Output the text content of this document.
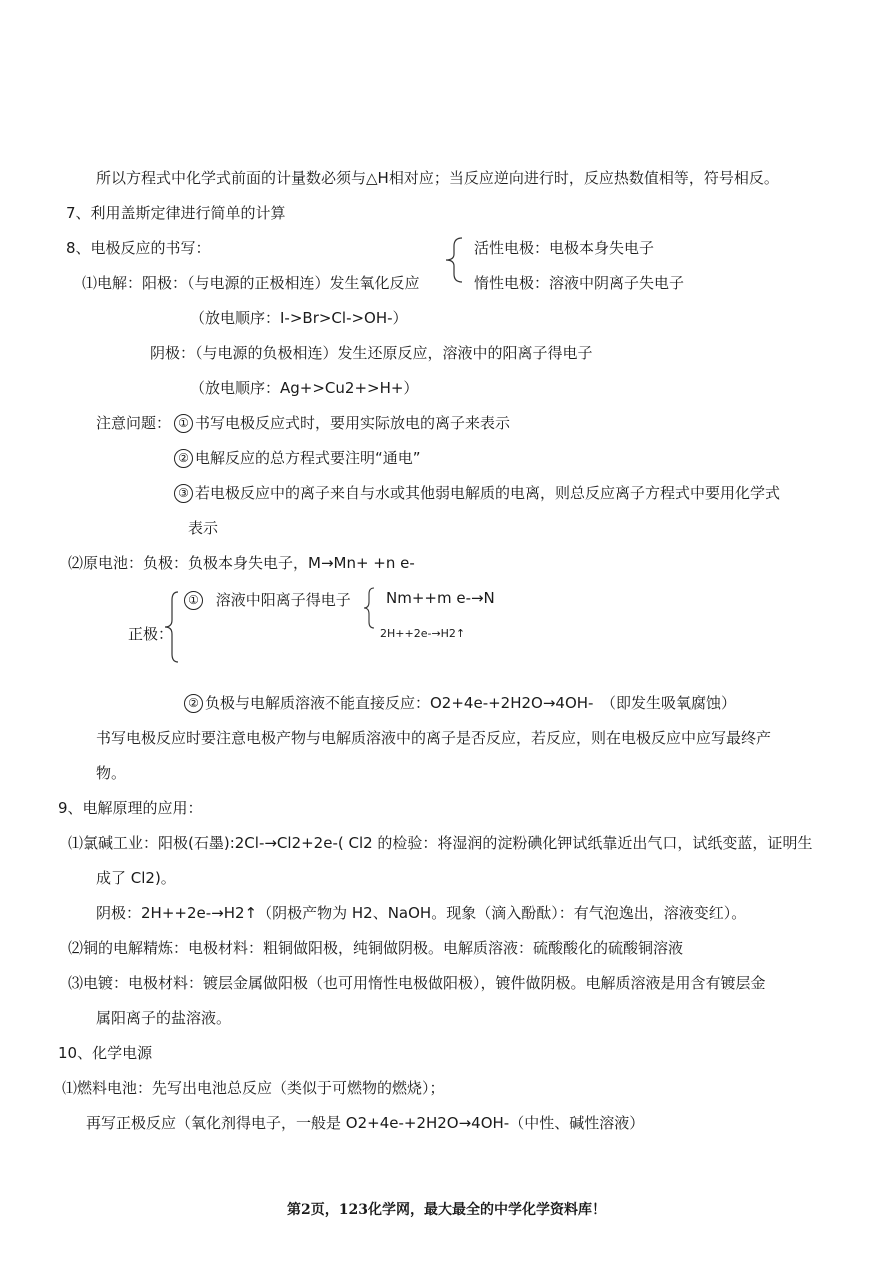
所以方程式中化学式前面的计量数必须与△H相对应；当反应逆向进行时，反应热数值相等，符号相反。
7、利用盖斯定律进行简单的计算
8、电极反应的书写：	活性电极：电极本身失电子
惰性电极：溶液中阴离子失电子
⑴电解：阳极：（与电源的正极相连）发生氧化反应
（放电顺序：I->Br>Cl->OH-）
阴极：（与电源的负极相连）发生还原反应，溶液中的阳离子得电子
（放电顺序：Ag+>Cu2+>H+）
注意问题： ① 书写电极反应式时，要用实际放电的离子来表示
② 电解反应的总方程式要注明“通电”
③ 若电极反应中的离子来自与水或其他弱电解质的电离，则总反应离子方程式中要用化学式
表示
⑵原电池：负极：负极本身失电子，M→Mn+ +n e-
正极：
① 溶液中阳离子得电子 Nm++m e-→N
2H++2e-→H2↑
② 负极与电解质溶液不能直接反应：O2+4e-+2H2O→4OH-　（即发生吸氧腐蚀）
书写电极反应时要注意电极产物与电解质溶液中的离子是否反应，若反应，则在电极反应中应写最终产
物。
9、电解原理的应用：
⑴氯碱工业：阳极(石墨):2Cl-→Cl2+2e-( Cl2 的检验：将湿润的淀粉碘化钾试纸靠近出气口，试纸变蓝，证明生
成了 Cl2)。
阴极：2H++2e-→H2↑（阴极产物为 H2、NaOH。现象（滴入酚酞）：有气泡逸出，溶液变红）。
⑵铜的电解精炼：电极材料：粗铜做阳极，纯铜做阴极。电解质溶液：硫酸酸化的硫酸铜溶液
⑶电镀：电极材料：镀层金属做阳极（也可用惰性电极做阳极），镀件做阴极。电解质溶液是用含有镀层金
属阳离子的盐溶液。
10、化学电源
⑴燃料电池：先写出电池总反应（类似于可燃物的燃烧）；
再写正极反应（氧化剂得电子，一般是 O2+4e-+2H2O→4OH-（中性、碱性溶液）
第2页，123化学网，最大最全的中学化学资料库！
